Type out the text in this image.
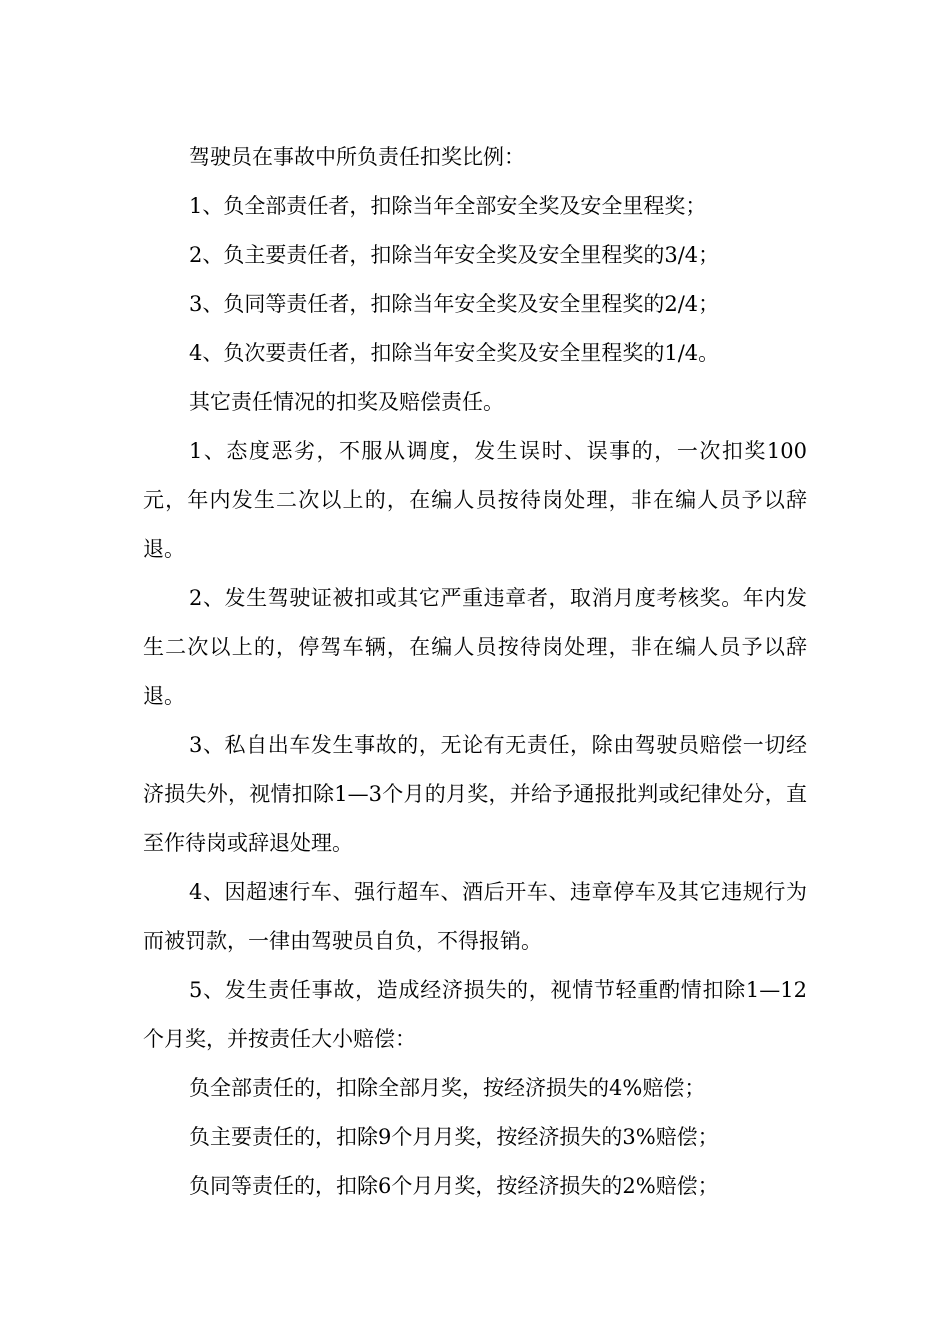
驾驶员在事故中所负责任扣奖比例：

1、负全部责任者，扣除当年全部安全奖及安全里程奖；

2、负主要责任者，扣除当年安全奖及安全里程奖的3/4；

3、负同等责任者，扣除当年安全奖及安全里程奖的2/4；

4、负次要责任者，扣除当年安全奖及安全里程奖的1/4。

其它责任情况的扣奖及赔偿责任。

1、态度恶劣，不服从调度，发生误时、误事的，一次扣奖100元，年内发生二次以上的，在编人员按待岗处理，非在编人员予以辞退。

2、发生驾驶证被扣或其它严重违章者，取消月度考核奖。年内发生二次以上的，停驾车辆，在编人员按待岗处理，非在编人员予以辞退。

3、私自出车发生事故的，无论有无责任，除由驾驶员赔偿一切经济损失外，视情扣除1—3个月的月奖，并给予通报批判或纪律处分，直至作待岗或辞退处理。

4、因超速行车、强行超车、酒后开车、违章停车及其它违规行为而被罚款，一律由驾驶员自负，不得报销。

5、发生责任事故，造成经济损失的，视情节轻重酌情扣除1—12个月奖，并按责任大小赔偿：

负全部责任的，扣除全部月奖，按经济损失的4%赔偿；

负主要责任的，扣除9个月月奖，按经济损失的3%赔偿；

负同等责任的，扣除6个月月奖，按经济损失的2%赔偿；
